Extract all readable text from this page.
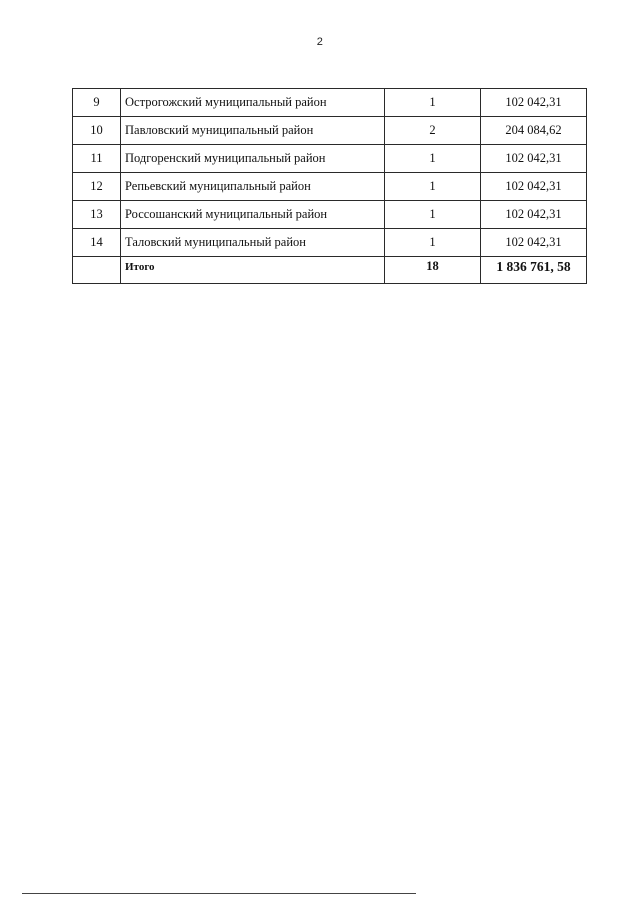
2
9	Острогожский муниципальный район	1	102 042,31
10	Павловский муниципальный район	2	204 084,62
11	Подгоренский муниципальный район	1	102 042,31
12	Репьевский муниципальный район	1	102 042,31
13	Россошанский муниципальный район	1	102 042,31
14	Таловский муниципальный район	1	102 042,31
	Итого	18	1 836 761, 58
